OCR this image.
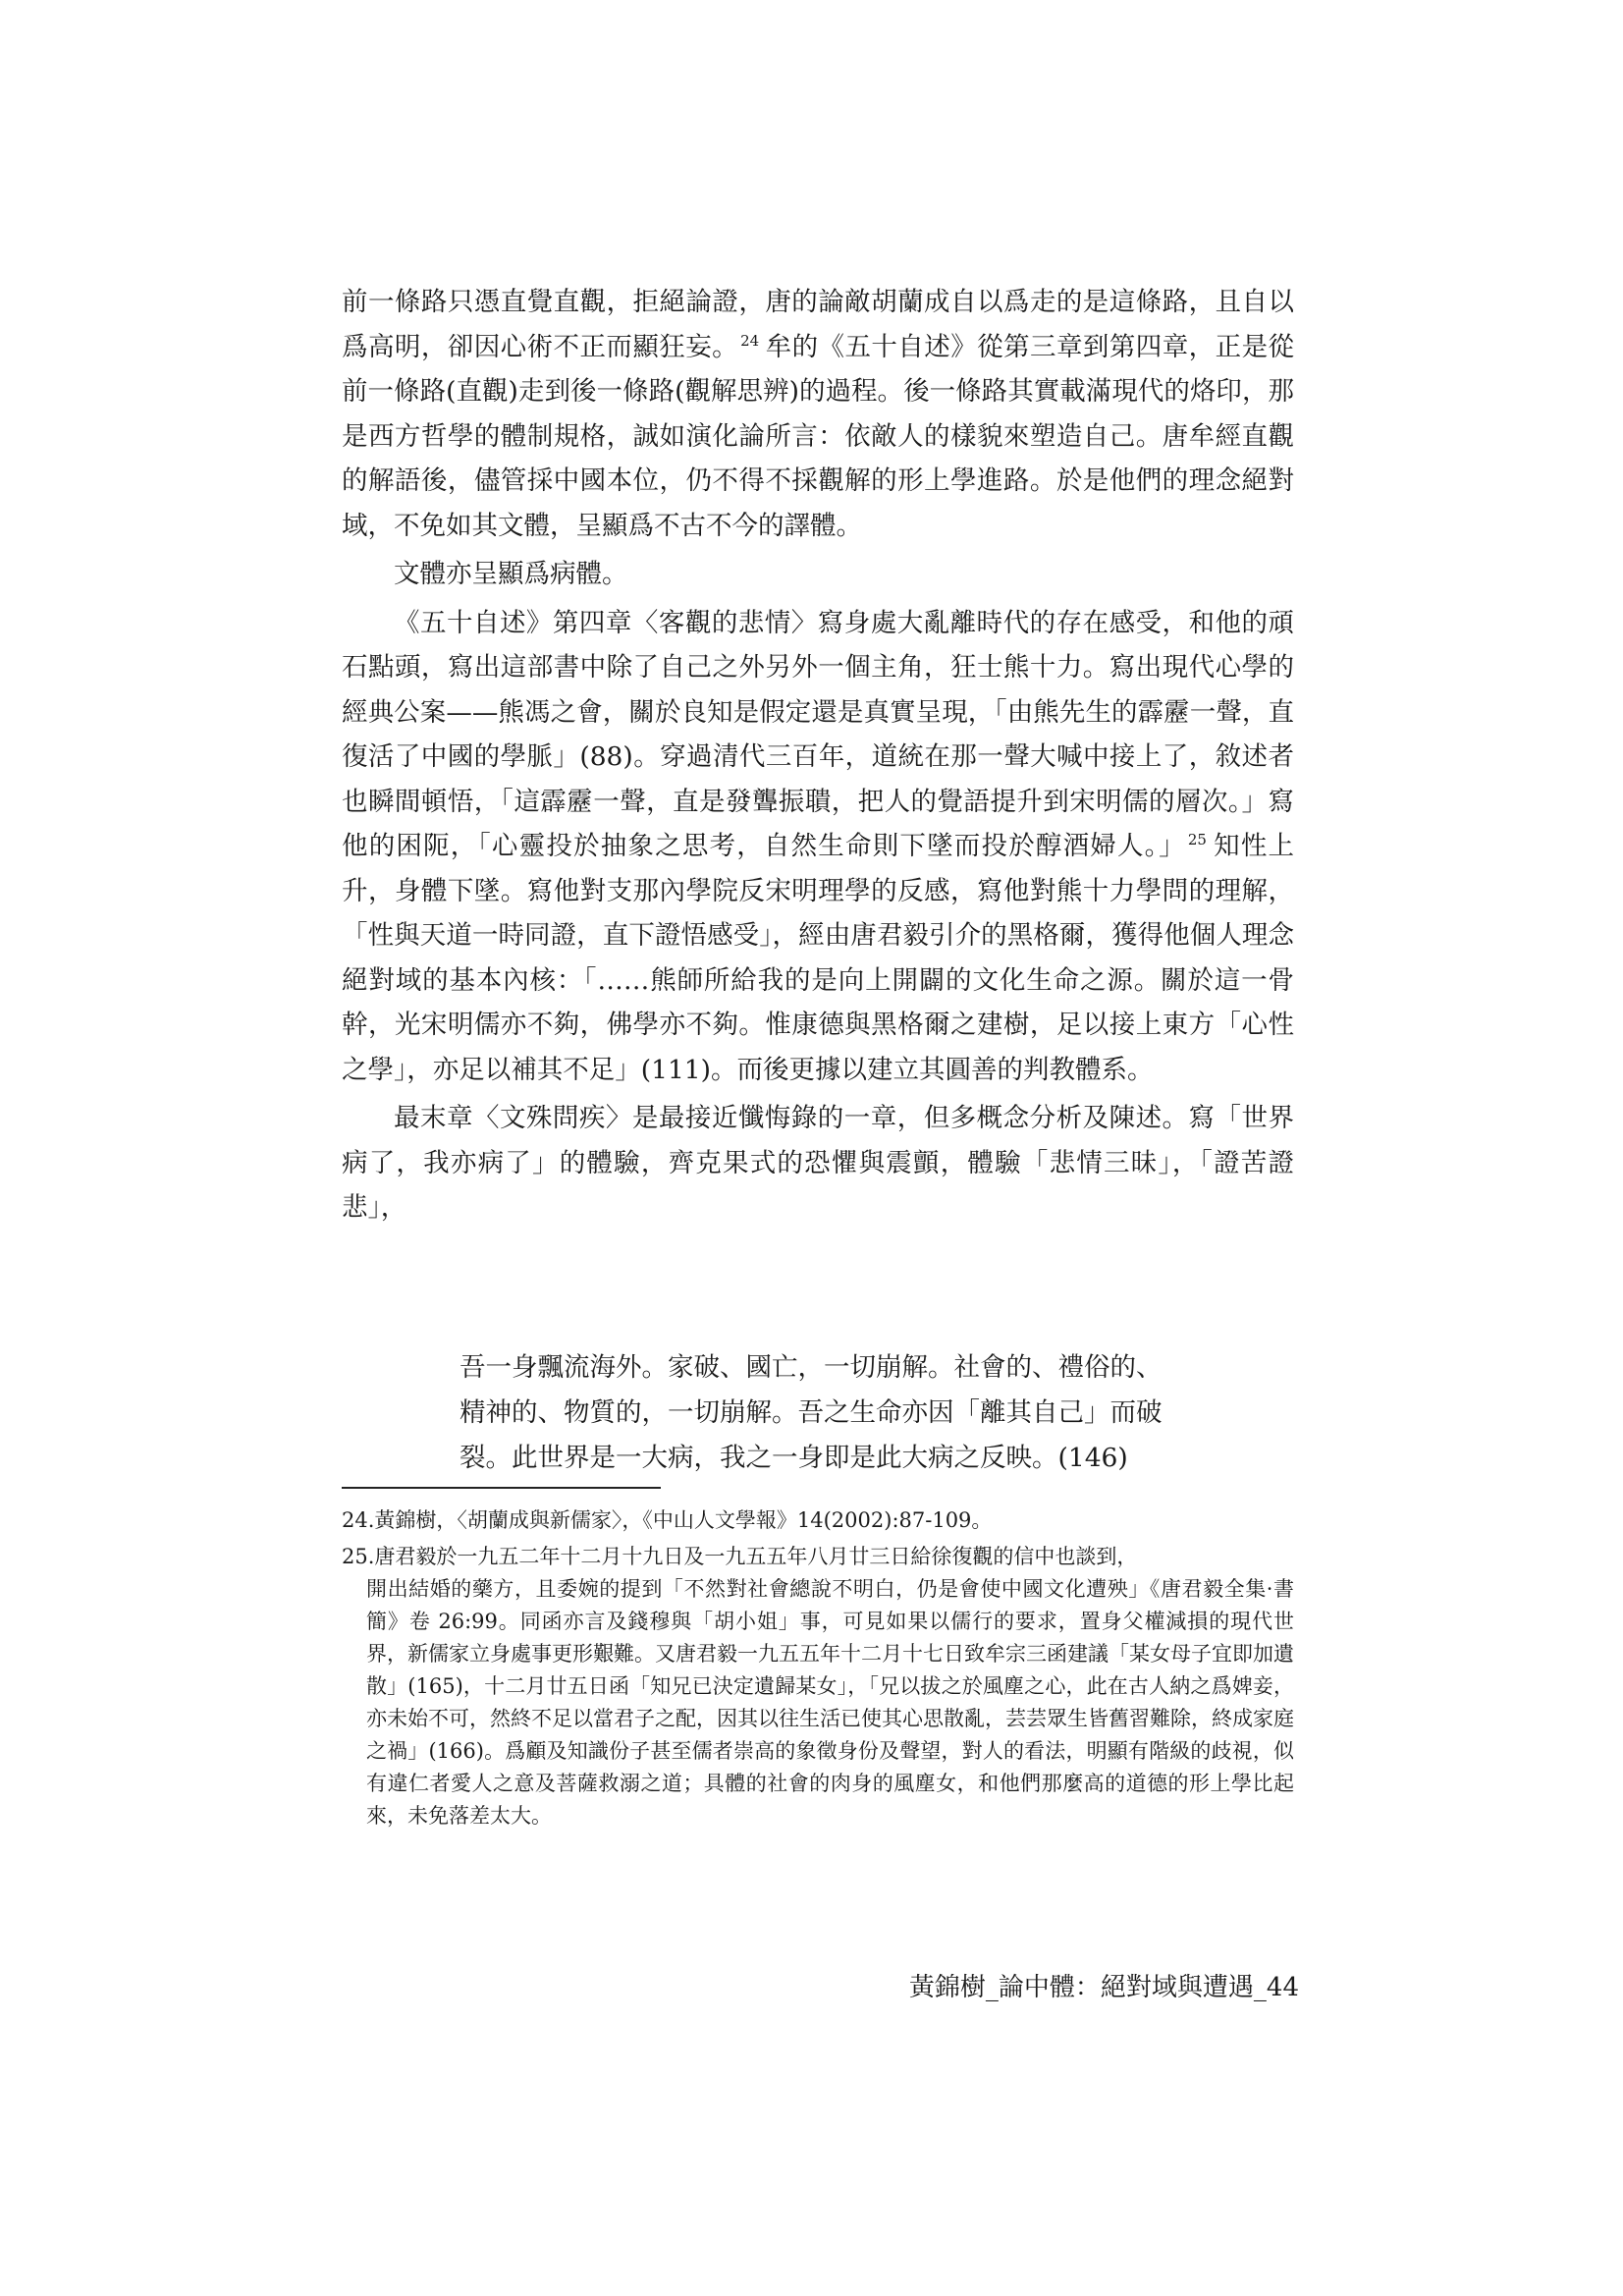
前一條路只憑直覺直觀，拒絕論證，唐的論敵胡蘭成自以爲走的是這條路，且自以爲高明，卻因心術不正而顯狂妄。 $^{24}$ 牟的《五十自述》從第三章到第四章，正是從前一條路(直觀)走到後一條路(觀解思辨)的過程。後一條路其實載滿現代的烙印，那是西方哲學的體制規格，誠如演化論所言：依敵人的樣貌來塑造自己。唐牟經直觀的解語後，儘管採中國本位，仍不得不採觀解的形上學進路。於是他們的理念絕對域，不免如其文體，呈顯爲不古不今的譯體。

文體亦呈顯爲病體。

《五十自述》第四章〈客觀的悲情〉寫身處大亂離時代的存在感受，和他的頑石點頭，寫出這部書中除了自己之外另外一個主角，狂士熊十力。寫出現代心學的經典公案——熊馮之會，關於良知是假定還是真實呈現，「由熊先生的霹靂一聲，直復活了中國的學脈」(88)。穿過清代三百年，道統在那一聲大喊中接上了，敘述者也瞬間頓悟，「這霹靂一聲，直是發聾振聵，把人的覺語提升到宋明儒的層次。」寫他的困阨，「心靈投於抽象之思考，自然生命則下墜而投於醇酒婦人。」 $^{25}$ 知性上升，身體下墜。寫他對支那內學院反宋明理學的反感，寫他對熊十力學問的理解，「性與天道一時同證，直下證悟感受」，經由唐君毅引介的黑格爾，獲得他個人理念絕對域的基本內核：「……熊師所給我的是向上開闢的文化生命之源。關於這一骨幹，光宋明儒亦不夠，佛學亦不夠。惟康德與黑格爾之建樹，足以接上東方「心性之學」，亦足以補其不足」(111)。而後更據以建立其圓善的判教體系。

最末章〈文殊問疾〉是最接近懺悔錄的一章，但多概念分析及陳述。寫「世界病了，我亦病了」的體驗，齊克果式的恐懼與震顫，體驗「悲情三昧」，「證苦證悲」，

吾一身飄流海外。家破、國亡，一切崩解。社會的、禮俗的、

精神的、物質的，一切崩解。吾之生命亦因「離其自己」而破

裂。此世界是一大病，我之一身即是此大病之反映。(146)

24.黃錦樹，〈胡蘭成與新儒家〉，《中山人文學報》14(2002):87-109。

25.唐君毅於一九五二年十二月十九日及一九五五年八月廿三日給徐復觀的信中也談到，

開出結婚的藥方，且委婉的提到「不然對社會總說不明白，仍是會使中國文化遭殃」《唐君毅全集·書簡》卷 26:99。同函亦言及錢穆與「胡小姐」事，可見如果以儒行的要求，置身父權減損的現代世界，新儒家立身處事更形艱難。又唐君毅一九五五年十二月十七日致牟宗三函建議「某女母子宜即加遺散」(165)，十二月廿五日函「知兄已決定遺歸某女」，「兄以拔之於風塵之心，此在古人納之爲婢妾，亦未始不可，然終不足以當君子之配，因其以往生活已使其心思散亂，芸芸眾生皆舊習難除，終成家庭之禍」(166)。爲顧及知識份子甚至儒者崇高的象徵身份及聲望，對人的看法，明顯有階級的歧視，似有違仁者愛人之意及菩薩救溺之道；具體的社會的肉身的風塵女，和他們那麼高的道德的形上學比起來，未免落差太大。

黃錦樹_論中體：絕對域與遭遇_44
